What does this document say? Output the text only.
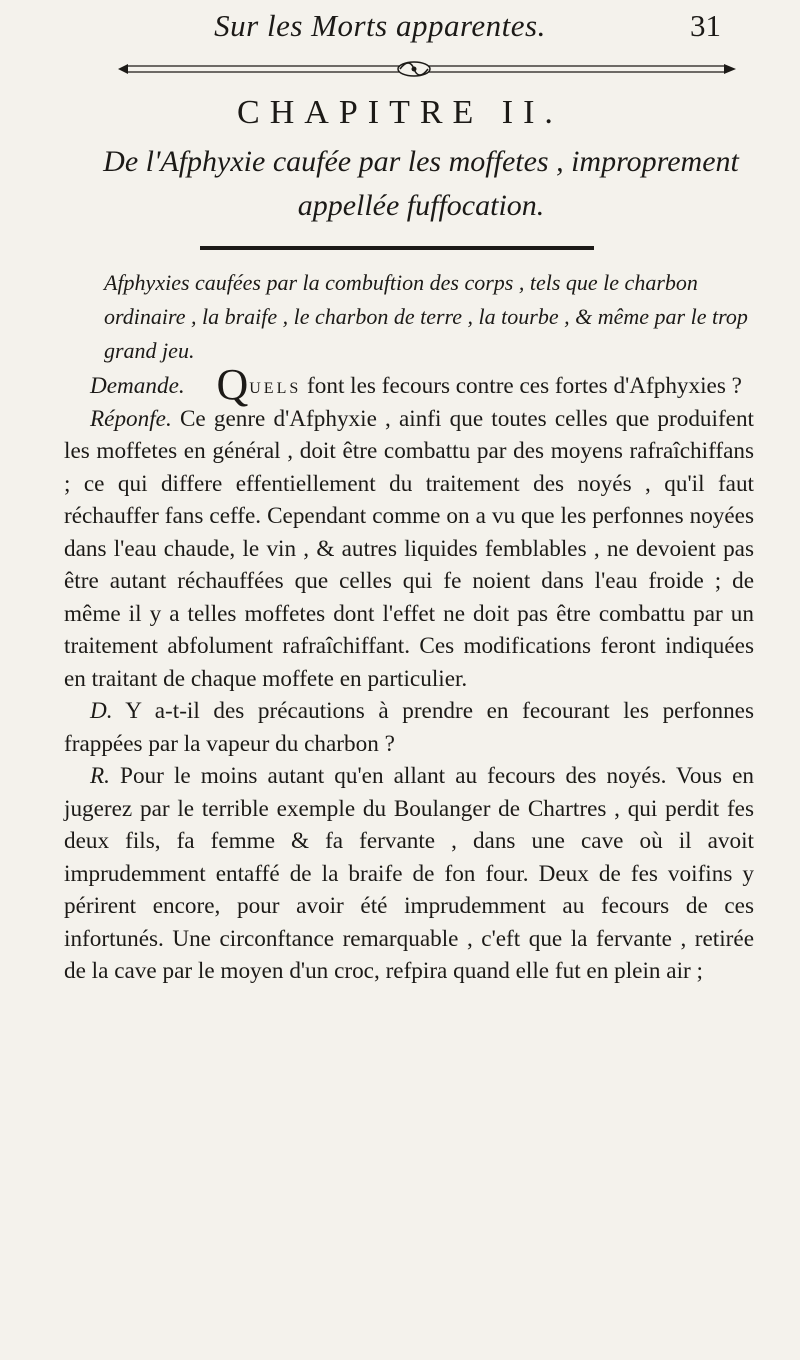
Sur les Morts apparentes.	31
CHAPITRE II.
De l'Afphyxie caufée par les moffetes , improprement appellée fuffocation.
Afphyxies caufées par la combuftion des corps , tels que le charbon ordinaire , la braife , le charbon de terre , la tourbe , & même par le trop grand jeu.

Demande. Quels font les fecours contre ces fortes d'Afphyxies ?

Réponfe. Ce genre d'Afphyxie , ainfi que toutes celles que produifent les moffetes en général , doit être combattu par des moyens rafraîchiffans ; ce qui differe effentiellement du traitement des noyés , qu'il faut réchauffer fans ceffe. Cependant comme on a vu que les perfonnes noyées dans l'eau chaude, le vin , & autres liquides femblables , ne devoient pas être autant réchauffées que celles qui fe noient dans l'eau froide ; de même il y a telles moffetes dont l'effet ne doit pas être combattu par un traitement abfolument rafraîchiffant. Ces modifications feront indiquées en traitant de chaque moffete en particulier.

D. Y a-t-il des précautions à prendre en fecourant les perfonnes frappées par la vapeur du charbon ?

R. Pour le moins autant qu'en allant au fecours des noyés. Vous en jugerez par le terrible exemple du Boulanger de Chartres , qui perdit fes deux fils, fa femme & fa fervante , dans une cave où il avoit imprudemment entaffé de la braife de fon four. Deux de fes voifins y périrent encore, pour avoir été imprudemment au fecours de ces infortunés. Une circonftance remarquable , c'eft que la fervante , retirée de la cave par le moyen d'un croc, refpira quand elle fut en plein air ;
